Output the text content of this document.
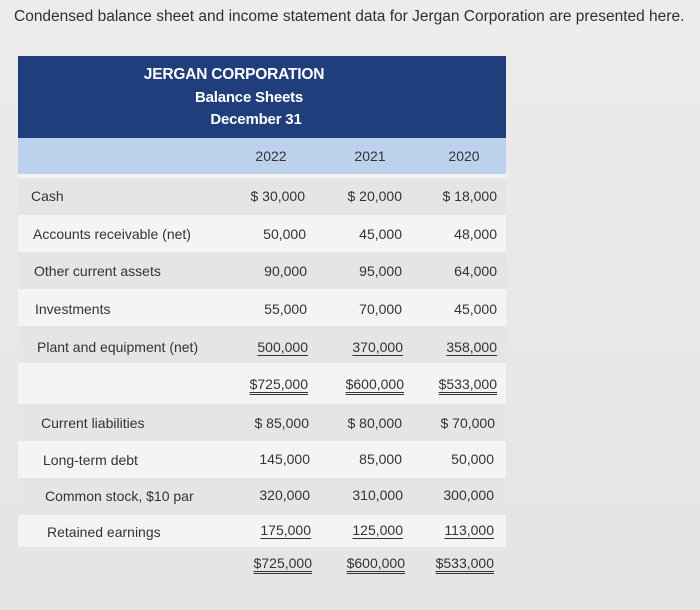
Condensed balance sheet and income statement data for Jergan Corporation are presented here.
JERGAN CORPORATION
Balance Sheets
December 31
2022	2021	2020
Cash	$ 30,000	$ 20,000	$ 18,000
Accounts receivable (net)	50,000	45,000	48,000
Other current assets	90,000	95,000	64,000
Investments	55,000	70,000	45,000
Plant and equipment (net)	500,000	370,000	358,000
$725,000	$600,000	$533,000
Current liabilities	$ 85,000	$ 80,000	$ 70,000
Long-term debt	145,000	85,000	50,000
Common stock, $10 par	320,000	310,000	300,000
Retained earnings	175,000	125,000	113,000
$725,000	$600,000	$533,000
